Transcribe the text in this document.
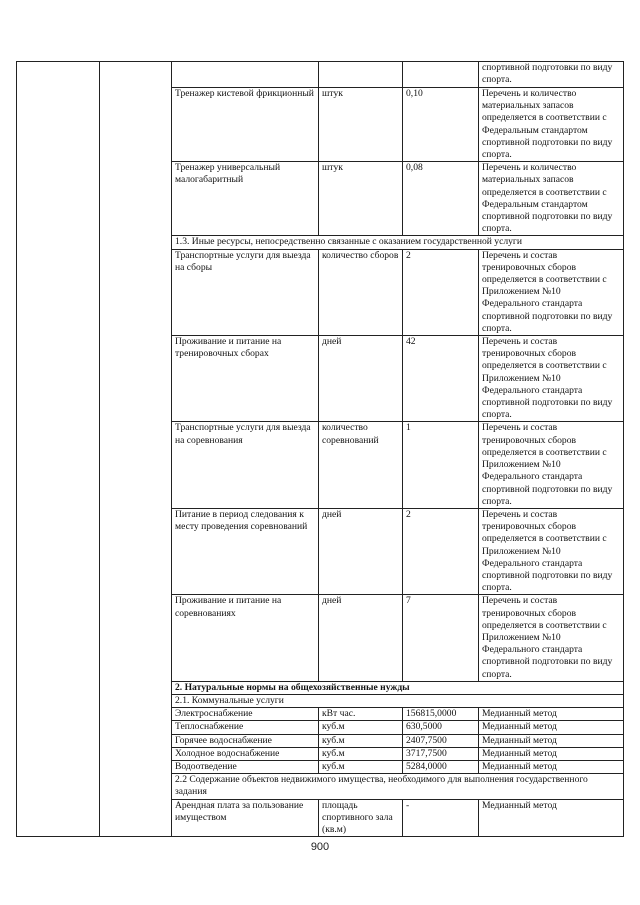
					спортивной подготовки по виду спорта.
		Тренажер кистевой фрикционный	штук	0,10	Перечень и количество материальных запасов определяется в соответствии с Федеральным стандартом спортивной подготовки по виду спорта.
		Тренажер универсальный малогабаритный	штук	0,08	Перечень и количество материальных запасов определяется в соответствии с Федеральным стандартом спортивной подготовки по виду спорта.
		1.3. Иные ресурсы, непосредственно связанные с оказанием государственной услуги			
		Транспортные услуги для выезда на сборы	количество сборов	2	Перечень и состав тренировочных сборов определяется в соответствии с Приложением №10 Федерального стандарта спортивной подготовки по виду спорта.
		Проживание и питание на тренировочных сборах	дней	42	Перечень и состав тренировочных сборов определяется в соответствии с Приложением №10 Федерального стандарта спортивной подготовки по виду спорта.
		Транспортные услуги для выезда на соревнования	количество соревнований	1	Перечень и состав тренировочных сборов определяется в соответствии с Приложением №10 Федерального стандарта спортивной подготовки по виду спорта.
		Питание в период следования к месту проведения соревнований	дней	2	Перечень и состав тренировочных сборов определяется в соответствии с Приложением №10 Федерального стандарта спортивной подготовки по виду спорта.
		Проживание и питание на соревнованиях	дней	7	Перечень и состав тренировочных сборов определяется в соответствии с Приложением №10 Федерального стандарта спортивной подготовки по виду спорта.
		2. Натуральные нормы на общехозяйственные нужды			
		2.1. Коммунальные услуги			
		Электроснабжение	кВт час.	156815,0000	Медианный метод
		Теплоснабжение	куб.м	630,5000	Медианный метод
		Горячее водоснабжение	куб.м	2407,7500	Медианный метод
		Холодное водоснабжение	куб.м	3717,7500	Медианный метод
		Водоотведение	куб.м	5284,0000	Медианный метод
		2.2 Содержание объектов недвижимого имущества, необходимого для выполнения государственного задания			
		Арендная плата за пользование имуществом	площадь спортивного зала (кв.м)	-	Медианный метод
900
